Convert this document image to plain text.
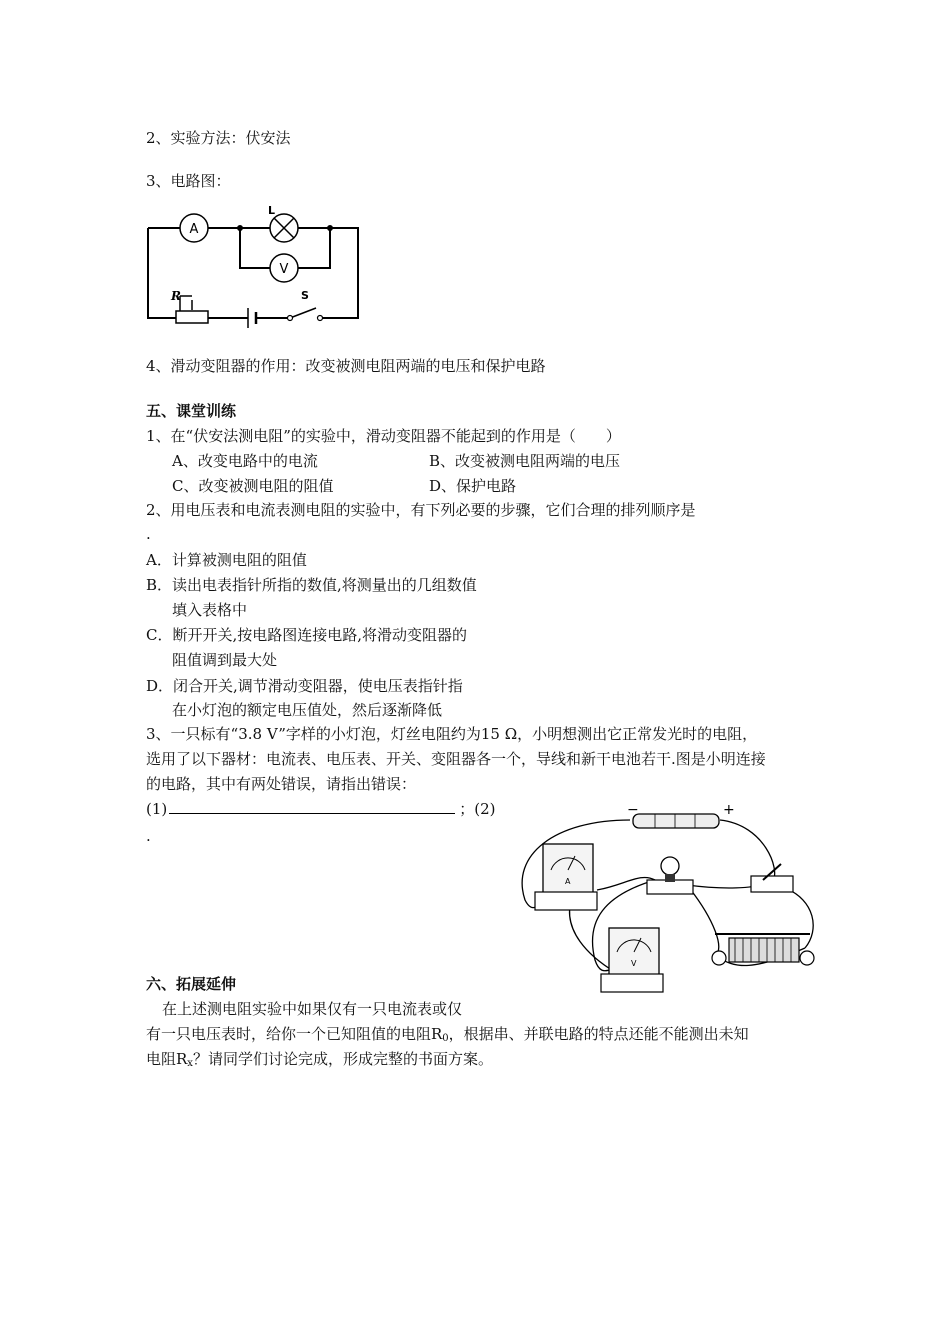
2、实验方法：伏安法
3、电路图：
A
L
V
R	S
4、滑动变阻器的作用：改变被测电阻两端的电压和保护电路
五、课堂训练
1、在“伏安法测电阻”的实验中，滑动变阻器不能起到的作用是（　　）
A、改变电路中的电流	B、改变被测电阻两端的电压
C、改变被测电阻的阻值	D、保护电路
2、用电压表和电流表测电阻的实验中，有下列必要的步骤，它们合理的排列顺序是
.
A．计算被测电阻的阻值
B．读出电表指针所指的数值,将测量出的几组数值
填入表格中
C．断开开关,按电路图连接电路,将滑动变阻器的
阻值调到最大处
D．闭合开关,调节滑动变阻器，使电压表指针指
在小灯泡的额定电压值处，然后逐渐降低
3、一只标有“3.8 V”字样的小灯泡，灯丝电阻约为15 Ω，小明想测出它正常发光时的电阻，
选用了以下器材：电流表、电压表、开关、变阻器各一个，导线和新干电池若干.图是小明连接
的电路，其中有两处错误，请指出错误：
(1)	；(2)
.
−	+
A
V
六、拓展延伸
在上述测电阻实验中如果仅有一只电流表或仅
有一只电压表时，给你一个已知阻值的电阻$R_0$，根据串、并联电路的特点还能不能测出未知
电阻$R_x$？请同学们讨论完成，形成完整的书面方案。
